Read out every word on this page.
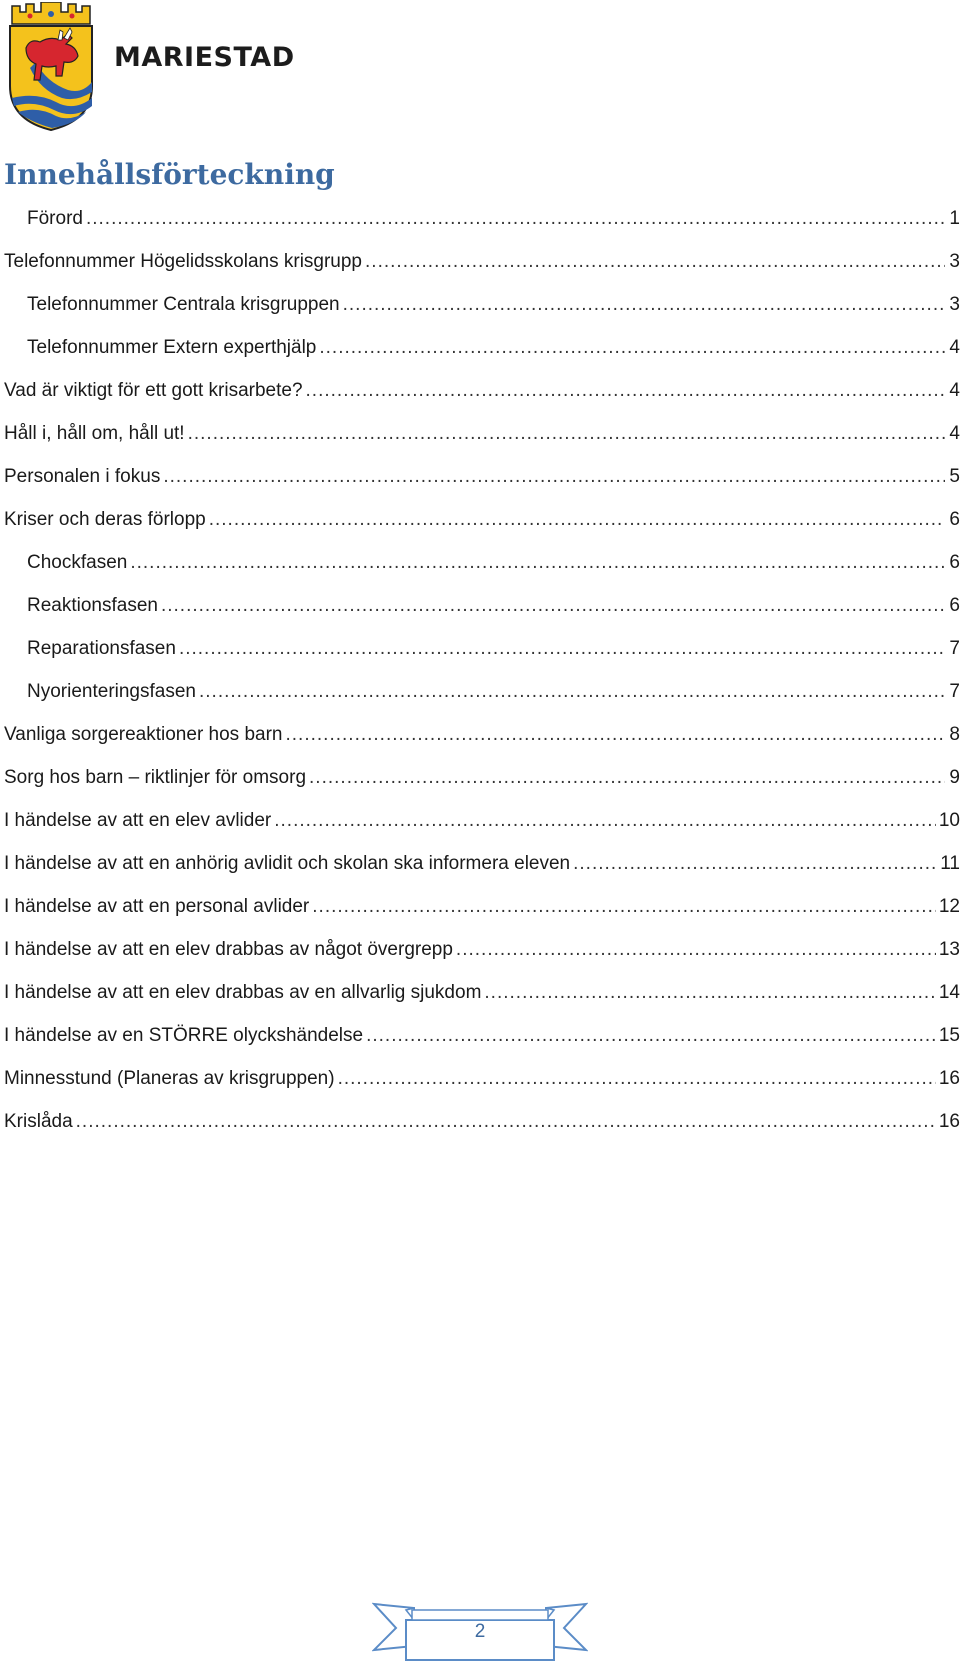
MARIESTAD
Innehållsförteckning
Förord .....	1
Telefonnummer Högelidsskolans krisgrupp .....	3
Telefonnummer Centrala krisgruppen .....	3
Telefonnummer Extern experthjälp .....	4
Vad är viktigt för ett gott krisarbete? .....	4
Håll i, håll om, håll ut! .....	4
Personalen i fokus .....	5
Kriser och deras förlopp .....	6
Chockfasen .....	6
Reaktionsfasen .....	6
Reparationsfasen .....	7
Nyorienteringsfasen .....	7
Vanliga sorgereaktioner hos barn .....	8
Sorg hos barn – riktlinjer för omsorg .....	9
I händelse av att en elev avlider .....	10
I händelse av att en anhörig avlidit och skolan ska informera eleven .....	11
I händelse av att en personal avlider .....	12
I händelse av att en elev drabbas av något övergrepp .....	13
I händelse av att en elev drabbas av en allvarlig sjukdom .....	14
I händelse av en STÖRRE olyckshändelse .....	15
Minnesstund (Planeras av krisgruppen) .....	16
Krislåda .....	16
2
